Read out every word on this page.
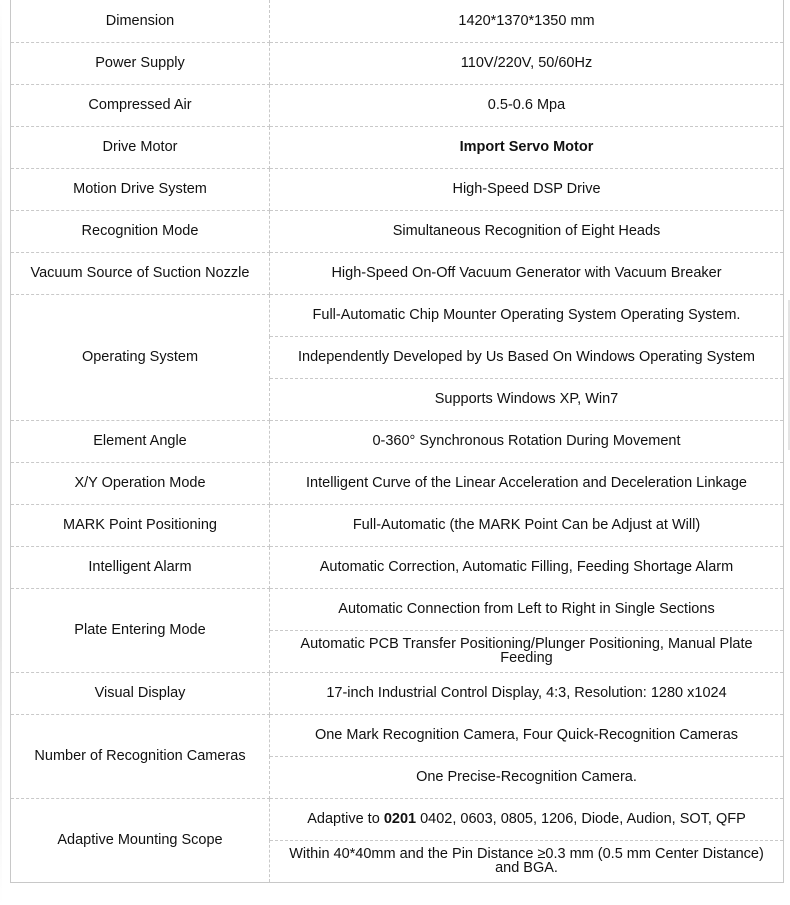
Dimension	1420*1370*1350 mm
Power Supply	110V/220V, 50/60Hz
Compressed Air	0.5-0.6 Mpa
Drive Motor	Import Servo Motor
Motion Drive System	High-Speed DSP Drive
Recognition Mode	Simultaneous Recognition of Eight Heads
Vacuum Source of Suction Nozzle	High-Speed On-Off Vacuum Generator with Vacuum Breaker
Operating System	Full-Automatic Chip Mounter Operating System Operating System.
	Independently Developed by Us Based On Windows Operating System
	Supports Windows XP, Win7
Element Angle	0-360° Synchronous Rotation During Movement
X/Y Operation Mode	Intelligent Curve of the Linear Acceleration and Deceleration Linkage
MARK Point Positioning	Full-Automatic (the MARK Point Can be Adjust at Will)
Intelligent Alarm	Automatic Correction, Automatic Filling, Feeding Shortage Alarm
Plate Entering Mode	Automatic Connection from Left to Right in Single Sections
	Automatic PCB Transfer Positioning/Plunger Positioning, Manual Plate Feeding
Visual Display	17-inch Industrial Control Display, 4:3, Resolution: 1280 x1024
Number of Recognition Cameras	One Mark Recognition Camera, Four Quick-Recognition Cameras
	One Precise-Recognition Camera.
Adaptive Mounting Scope	Adaptive to 0201 0402, 0603, 0805, 1206, Diode, Audion, SOT, QFP
	Within 40*40mm and the Pin Distance ≥0.3 mm (0.5 mm Center Distance) and BGA.
